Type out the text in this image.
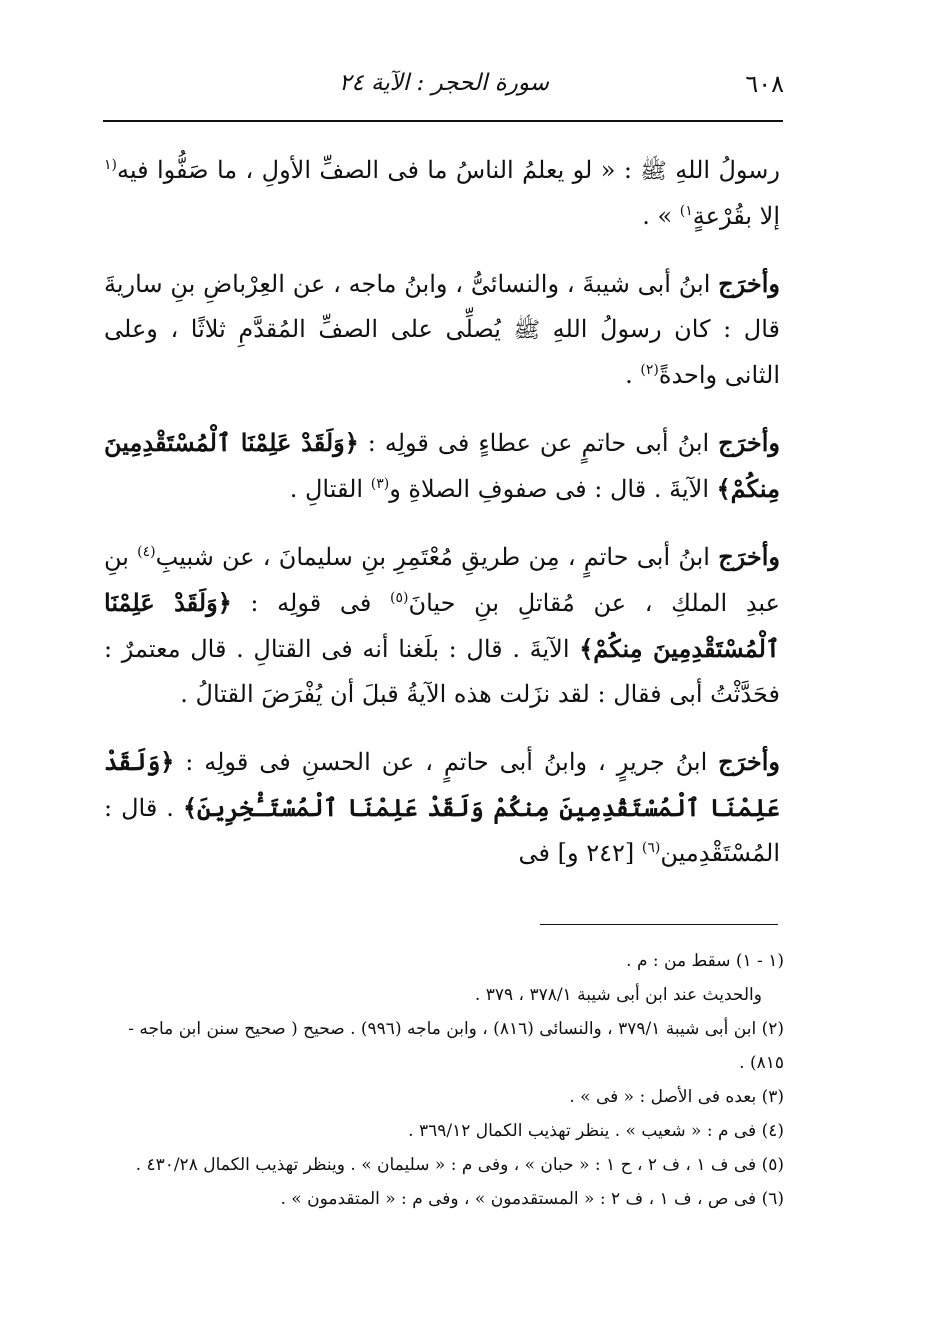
٦٠٨
سورة الحجر : الآية ٢٤

رسولُ اللهِ ﷺ : « لو يعلمُ الناسُ ما فى الصفِّ الأولِ ، ما صَفُّوا فيه$^{(١}$ إلا بقُرْعةٍ$^{١)}$ » .

وأخرَج ابنُ أبى شيبةَ ، والنسائىُّ ، وابنُ ماجه ، عن العِرْباضِ بنِ ساريةَ قال : كان رسولُ اللهِ ﷺ يُصلِّى على الصفِّ المُقدَّمِ ثلاثًا ، وعلى الثانى واحدةً$^{(٢)}$ .

وأخرَج ابنُ أبى حاتمٍ عن عطاءٍ فى قولِه : ﴿وَلَقَدْ عَلِمْنَا ٱلْمُسْتَقْدِمِينَ مِنكُمْ﴾ الآيةَ . قال : فى صفوفِ الصلاةِ و$^{(٣)}$ القتالِ .

وأخرَج ابنُ أبى حاتمٍ ، مِن طريقِ مُعْتَمِرِ بنِ سليمانَ ، عن شبيبِ$^{(٤)}$ بنِ عبدِ الملكِ ، عن مُقاتلِ بنِ حيانَ$^{(٥)}$ فى قولِه : ﴿وَلَقَدْ عَلِمْنَا ٱلْمُسْتَقْدِمِينَ مِنكُمْ﴾ الآيةَ . قال : بلَغنا أنه فى القتالِ . قال معتمرٌ : فحَدَّثْتُ أبى فقال : لقد نزَلت هذه الآيةُ قبلَ أن يُفْرَضَ القتالُ .

وأخرَج ابنُ جريرٍ ، وابنُ أبى حاتمٍ ، عن الحسنِ فى قولِه : ﴿وَلَقَدْ عَلِمْنَا ٱلْمُسْتَقْدِمِينَ مِنكُمْ وَلَقَدْ عَلِمْنَا ٱلْمُسْتَـْٔخِرِينَ﴾ . قال : المُسْتَقْدِمين$^{(٦)}$ [٢٤٢ و] فى

(١ - ١) سقط من : م .

والحديث عند ابن أبى شيبة ٣٧٨/١ ، ٣٧٩ .

(٢) ابن أبى شيبة ٣٧٩/١ ، والنسائى (٨١٦) ، وابن ماجه (٩٩٦) . صحيح ( صحيح سنن ابن ماجه - ٨١٥) .

(٣) بعده فى الأصل : « فى » .

(٤) فى م : « شعيب » . ينظر تهذيب الكمال ٣٦٩/١٢ .

(٥) فى ف ١ ، ف ٢ ، ح ١ : « حبان » ، وفى م : « سليمان » . وينظر تهذيب الكمال ٤٣٠/٢٨ .

(٦) فى ص ، ف ١ ، ف ٢ : « المستقدمون » ، وفى م : « المتقدمون » .
